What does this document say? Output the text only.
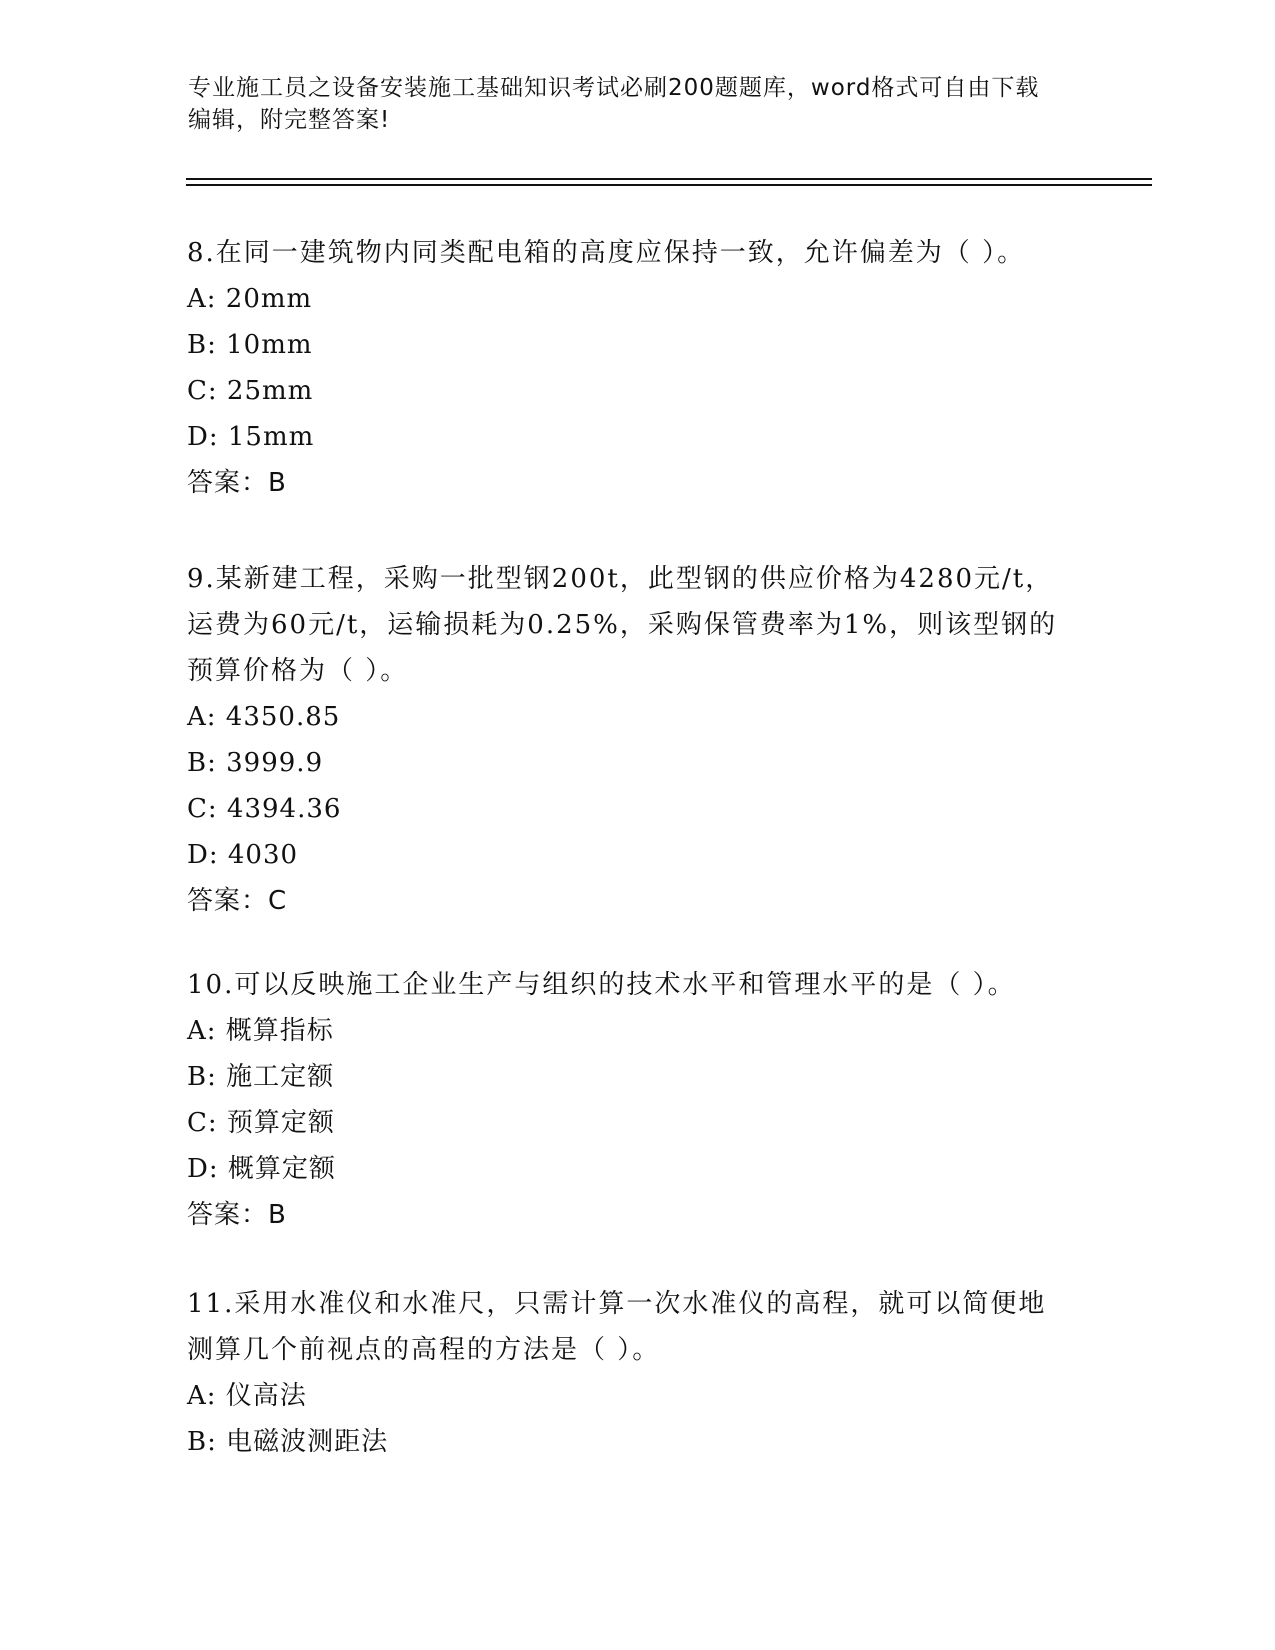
专业施工员之设备安装施工基础知识考试必刷200题题库，word格式可自由下载
编辑，附完整答案!

8.在同一建筑物内同类配电箱的高度应保持一致，允许偏差为（ ）。

A: 20mm

B: 10mm

C: 25mm

D: 15mm

答案：B

9.某新建工程，采购一批型钢200t，此型钢的供应价格为4280元/t，运费为60元/t，运输损耗为0.25%，采购保管费率为1%，则该型钢的预算价格为（ ）。

A: 4350.85

B: 3999.9

C: 4394.36

D: 4030

答案：C

10.可以反映施工企业生产与组织的技术水平和管理水平的是（ ）。

A: 概算指标

B: 施工定额

C: 预算定额

D: 概算定额

答案：B

11.采用水准仪和水准尺，只需计算一次水准仪的高程，就可以简便地测算几个前视点的高程的方法是（ ）。

A: 仪高法

B: 电磁波测距法
